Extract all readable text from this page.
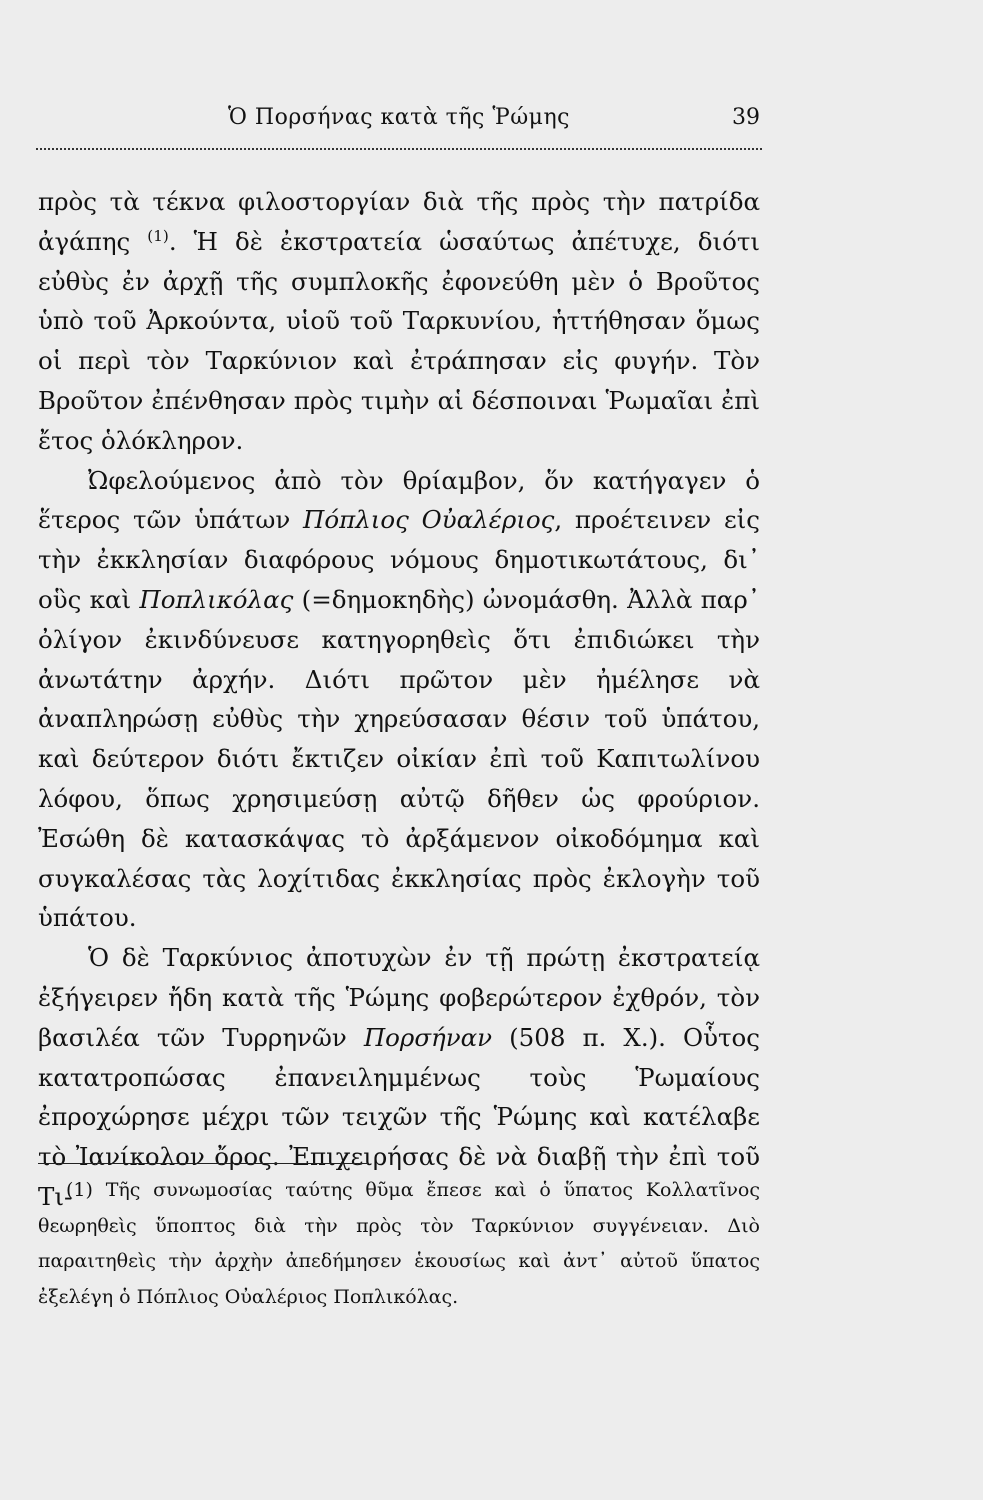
Ὁ Πορσήνας κατὰ τῆς Ῥώμης	39

πρὸς τὰ τέκνα φιλοστοργίαν διὰ τῆς πρὸς τὴν πατρίδα ἀγάπης $^{(1)}$. Ἡ δὲ ἐκστρατεία ὡσαύτως ἀπέτυχε, διότι εὐθὺς ἐν ἀρχῇ τῆς συμπλοκῆς ἐφονεύθη μὲν ὁ Βροῦτος ὑπὸ τοῦ Ἀρκούντα, υἱοῦ τοῦ Ταρκυνίου, ἡττήθησαν ὅμως οἱ περὶ τὸν Ταρκύνιον καὶ ἐτράπησαν εἰς φυγήν. Τὸν Βροῦτον ἐπένθησαν πρὸς τιμὴν αἱ δέσποιναι Ῥωμαῖαι ἐπὶ ἔτος ὁλόκληρον.

Ὠφελούμενος ἀπὸ τὸν θρίαμβον, ὅν κατήγαγεν ὁ ἕτερος τῶν ὑπάτων Πόπλιος Οὐαλέριος, προέτεινεν εἰς τὴν ἐκκλησίαν διαφόρους νόμους δημοτικωτάτους, δι᾽ οὓς καὶ Ποπλικόλας (=δημοκηδὴς) ὠνομάσθη. Ἀλλὰ παρ᾽ ὀλίγον ἐκινδύνευσε κατηγορηθεὶς ὅτι ἐπιδιώκει τὴν ἀνωτάτην ἀρχήν. Διότι πρῶτον μὲν ἠμέλησε νὰ ἀναπληρώσῃ εὐθὺς τὴν χηρεύσασαν θέσιν τοῦ ὑπάτου, καὶ δεύτερον διότι ἔκτιζεν οἰκίαν ἐπὶ τοῦ Καπιτωλίνου λόφου, ὅπως χρησιμεύσῃ αὐτῷ δῆθεν ὡς φρούριον. Ἐσώθη δὲ κατασκάψας τὸ ἀρξάμενον οἰκοδόμημα καὶ συγκαλέσας τὰς λοχίτιδας ἐκκλησίας πρὸς ἐκλογὴν τοῦ ὑπάτου.

Ὁ δὲ Ταρκύνιος ἀποτυχὼν ἐν τῇ πρώτῃ ἐκστρατείᾳ ἐξήγειρεν ἤδη κατὰ τῆς Ῥώμης φοβερώτερον ἐχθρόν, τὸν βασιλέα τῶν Τυρρηνῶν Πορσήναν (508 π. Χ.). Οὗτος κατατροπώσας ἐπανειλημμένως τοὺς Ῥωμαίους ἐπροχώρησε μέχρι τῶν τειχῶν τῆς Ῥώμης καὶ κατέλαβε τὸ Ἰανίκολον ὄρος. Ἐπιχειρήσας δὲ νὰ διαβῇ τὴν ἐπὶ τοῦ Τι-

(1) Τῆς συνωμοσίας ταύτης θῦμα ἔπεσε καὶ ὁ ὕπατος Κολλατῖνος θεωρηθεὶς ὕποπτος διὰ τὴν πρὸς τὸν Ταρκύνιον συγγένειαν. Διὸ παραιτηθεὶς τὴν ἀρχὴν ἀπεδήμησεν ἑκουσίως καὶ ἀντ᾽ αὐτοῦ ὕπατος ἐξελέγη ὁ Πόπλιος Οὐαλέριος Ποπλικόλας.
